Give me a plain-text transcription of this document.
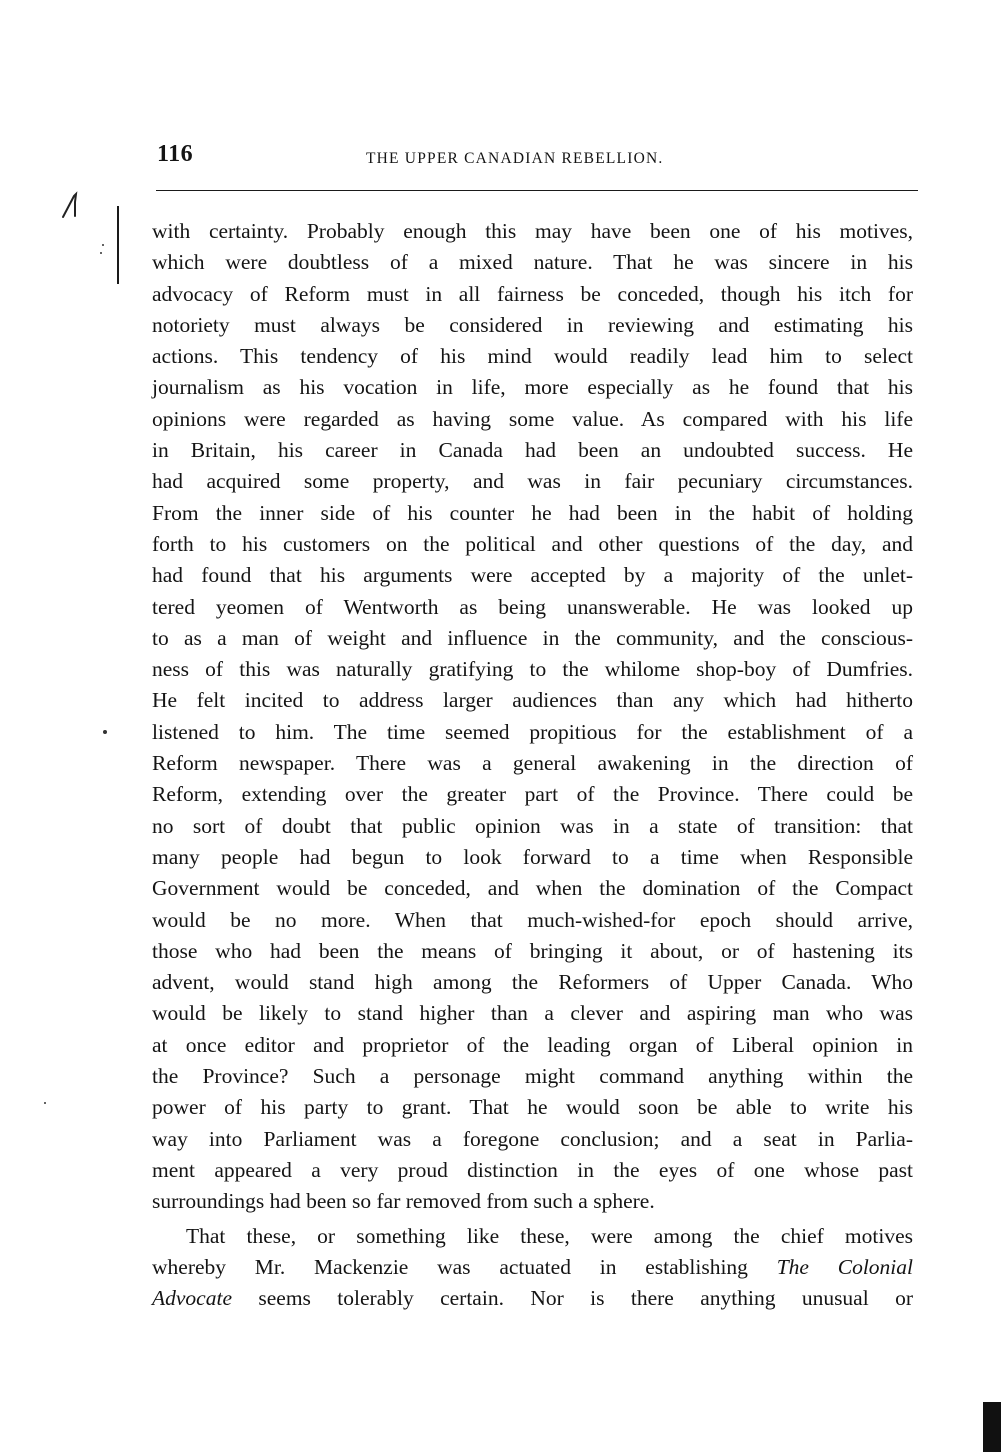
116	THE UPPER CANADIAN REBELLION.
with certainty. Probably enough this may have been one of his motives,
which were doubtless of a mixed nature. That he was sincere in his
advocacy of Reform must in all fairness be conceded, though his itch for
notoriety must always be considered in reviewing and estimating his
actions. This tendency of his mind would readily lead him to select
journalism as his vocation in life, more especially as he found that his
opinions were regarded as having some value. As compared with his life
in Britain, his career in Canada had been an undoubted success. He
had acquired some property, and was in fair pecuniary circumstances.
From the inner side of his counter he had been in the habit of holding
forth to his customers on the political and other questions of the day, and
had found that his arguments were accepted by a majority of the unlet-
tered yeomen of Wentworth as being unanswerable. He was looked up
to as a man of weight and influence in the community, and the conscious-
ness of this was naturally gratifying to the whilome shop-boy of Dumfries.
He felt incited to address larger audiences than any which had hitherto
listened to him. The time seemed propitious for the establishment of a
Reform newspaper. There was a general awakening in the direction of
Reform, extending over the greater part of the Province. There could be
no sort of doubt that public opinion was in a state of transition: that
many people had begun to look forward to a time when Responsible
Government would be conceded, and when the domination of the Compact
would be no more. When that much-wished-for epoch should arrive,
those who had been the means of bringing it about, or of hastening its
advent, would stand high among the Reformers of Upper Canada. Who
would be likely to stand higher than a clever and aspiring man who was
at once editor and proprietor of the leading organ of Liberal opinion in
the Province? Such a personage might command anything within the
power of his party to grant. That he would soon be able to write his
way into Parliament was a foregone conclusion; and a seat in Parlia-
ment appeared a very proud distinction in the eyes of one whose past
surroundings had been so far removed from such a sphere.
That these, or something like these, were among the chief motives
whereby Mr. Mackenzie was actuated in establishing The Colonial
Advocate seems tolerably certain. Nor is there anything unusual or
